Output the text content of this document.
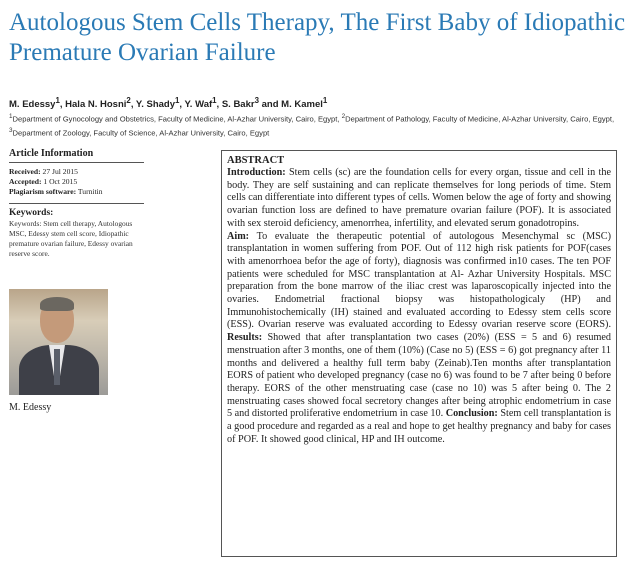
Autologous Stem Cells Therapy, The First Baby of Idiopathic Premature Ovarian Failure
M. Edessy$^1$, Hala N. Hosni$^2$, Y. Shady$^1$, Y. Waf$^1$, S. Bakr$^3$ and M. Kamel$^1$
$^1$Department of Gynocology and Obstetrics, Faculty of Medicine, Al-Azhar University, Cairo, Egypt, $^2$Department of Pathology, Faculty of Medicine, Al-Azhar University, Cairo, Egypt, $^3$Department of Zoology, Faculty of Science, Al-Azhar University, Cairo, Egypt
Article Information
Received: 27 Jul 2015
Accepted: 1 Oct 2015
Plagiarism software: Turnitin
Keywords:
Keywords: Stem cell therapy, Autologous MSC, Edessy stem cell score, Idiopathic premature ovarian failure, Edessy ovarian reserve score.
M. Edessy
ABSTRACT
Introduction: Stem cells (sc) are the foundation cells for every organ, tissue and cell in the body. They are self sustaining and can replicate themselves for long periods of time. Stem cells can differentiate into different types of cells. Women below the age of forty and showing ovarian function loss are defined to have premature ovarian failure (POF). It is associated with sex steroid deficiency, amenorrhea, infertility, and elevated serum gonadotropins.
Aim: To evaluate the therapeutic potential of autologous Mesenchymal sc (MSC) transplantation in women suffering from POF. Out of 112 high risk patients for POF(cases with amenorrhoea befor the age of forty), diagnosis was confirmed in10 cases. The ten POF patients were scheduled for MSC transplantation at Al- Azhar University Hospitals. MSC preparation from the bone marrow of the iliac crest was laparoscopically injected into the ovaries. Endometrial fractional biopsy was histopathologicaly (HP) and Immunohistochemically (IH) stained and evaluated according to Edessy stem cells score (ESS). Ovarian reserve was evaluated according to Edessy ovarian reserve score (EORS). Results: Showed that after transplantation two cases (20%) (ESS = 5 and 6) resumed menstruation after 3 months, one of them (10%) (Case no 5) (ESS = 6) got pregnancy after 11 months and delivered a healthy full term baby (Zeinab).Ten months after transplantation EORS of patient who developed pregnancy (case no 6) was found to be 7 after being 0 before therapy. EORS of the other menstruating case (case no 10) was 5 after being 0. The 2 menstruating cases showed focal secretory changes after being atrophic endometrium in case 5 and distorted proliferative endometrium in case 10. Conclusion: Stem cell transplantation is a good procedure and regarded as a real and hope to get healthy pregnancy and baby for cases of POF. It showed good clinical, HP and IH outcome.
